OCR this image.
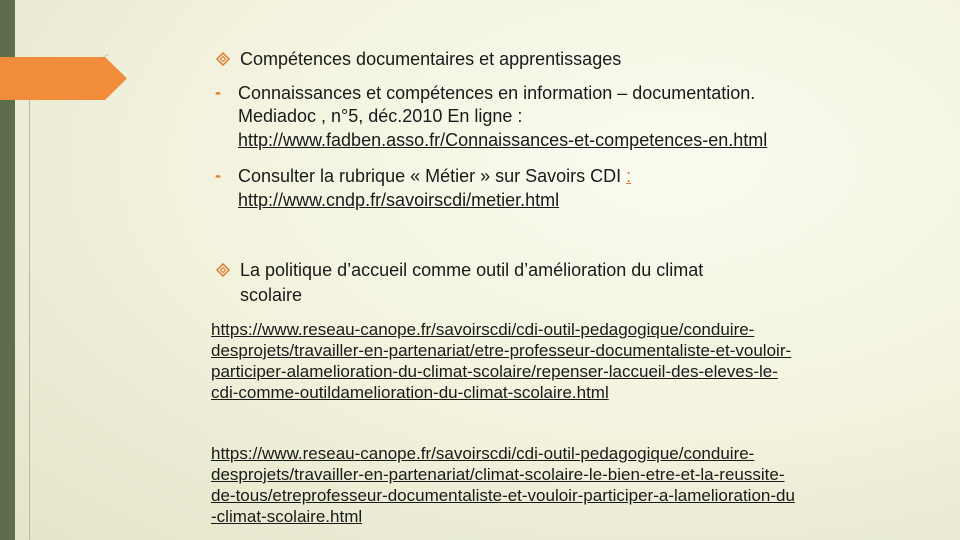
Compétences documentaires et apprentissages
- Connaissances et compétences en information – documentation.
Mediadoc , n°5, déc.2010 En ligne :
http://www.fadben.asso.fr/Connaissances-et-competences-en.html
- Consulter la rubrique « Métier » sur Savoirs CDI :
http://www.cndp.fr/savoirscdi/metier.html
La politique d’accueil comme outil d’amélioration du climat
scolaire
https://www.reseau-canope.fr/savoirscdi/cdi-outil-pedagogique/conduire-
desprojets/travailler-en-partenariat/etre-professeur-documentaliste-et-vouloir-
participer-alamelioration-du-climat-scolaire/repenser-laccueil-des-eleves-le-
cdi-comme-outildamelioration-du-climat-scolaire.html
https://www.reseau-canope.fr/savoirscdi/cdi-outil-pedagogique/conduire-
desprojets/travailler-en-partenariat/climat-scolaire-le-bien-etre-et-la-reussite-
de-tous/etreprofesseur-documentaliste-et-vouloir-participer-a-lamelioration-du
-climat-scolaire.html
